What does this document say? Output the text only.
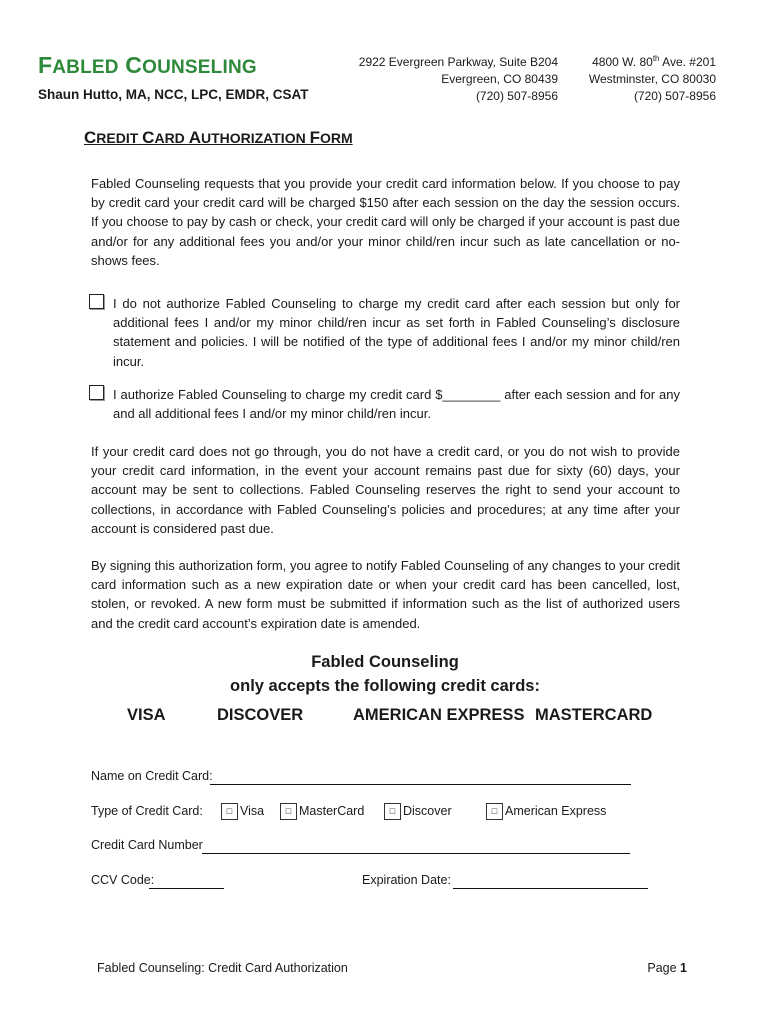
FABLED COUNSELING
Shaun Hutto, MA, NCC, LPC, EMDR, CSAT
2922 Evergreen Parkway, Suite B204
Evergreen, CO 80439
(720) 507-8956
4800 W. 80th Ave. #201
Westminster, CO 80030
(720) 507-8956
CREDIT CARD AUTHORIZATION FORM
Fabled Counseling requests that you provide your credit card information below. If you choose to pay by credit card your credit card will be charged $150 after each session on the day the session occurs. If you choose to pay by cash or check, your credit card will only be charged if your account is past due and/or for any additional fees you and/or your minor child/ren incur such as late cancellation or no-shows fees.
I do not authorize Fabled Counseling to charge my credit card after each session but only for additional fees I and/or my minor child/ren incur as set forth in Fabled Counseling’s disclosure statement and policies. I will be notified of the type of additional fees I and/or my minor child/ren incur.
I authorize Fabled Counseling to charge my credit card $________ after each session and for any and all additional fees I and/or my minor child/ren incur.
If your credit card does not go through, you do not have a credit card, or you do not wish to provide your credit card information, in the event your account remains past due for sixty (60) days, your account may be sent to collections. Fabled Counseling reserves the right to send your account to collections, in accordance with Fabled Counseling’s policies and procedures; at any time after your account is considered past due.
By signing this authorization form, you agree to notify Fabled Counseling of any changes to your credit card information such as a new expiration date or when your credit card has been cancelled, lost, stolen, or revoked. A new form must be submitted if information such as the list of authorized users and the credit card account’s expiration date is amended.
Fabled Counseling
only accepts the following credit cards:
VISA	DISCOVER	AMERICAN EXPRESS MASTERCARD
Name on Credit Card:
Type of Credit Card:	□ Visa	□ MasterCard	□ Discover	□ American Express
Credit Card Number
CCV Code:	Expiration Date:
Fabled Counseling: Credit Card Authorization	Page 1
